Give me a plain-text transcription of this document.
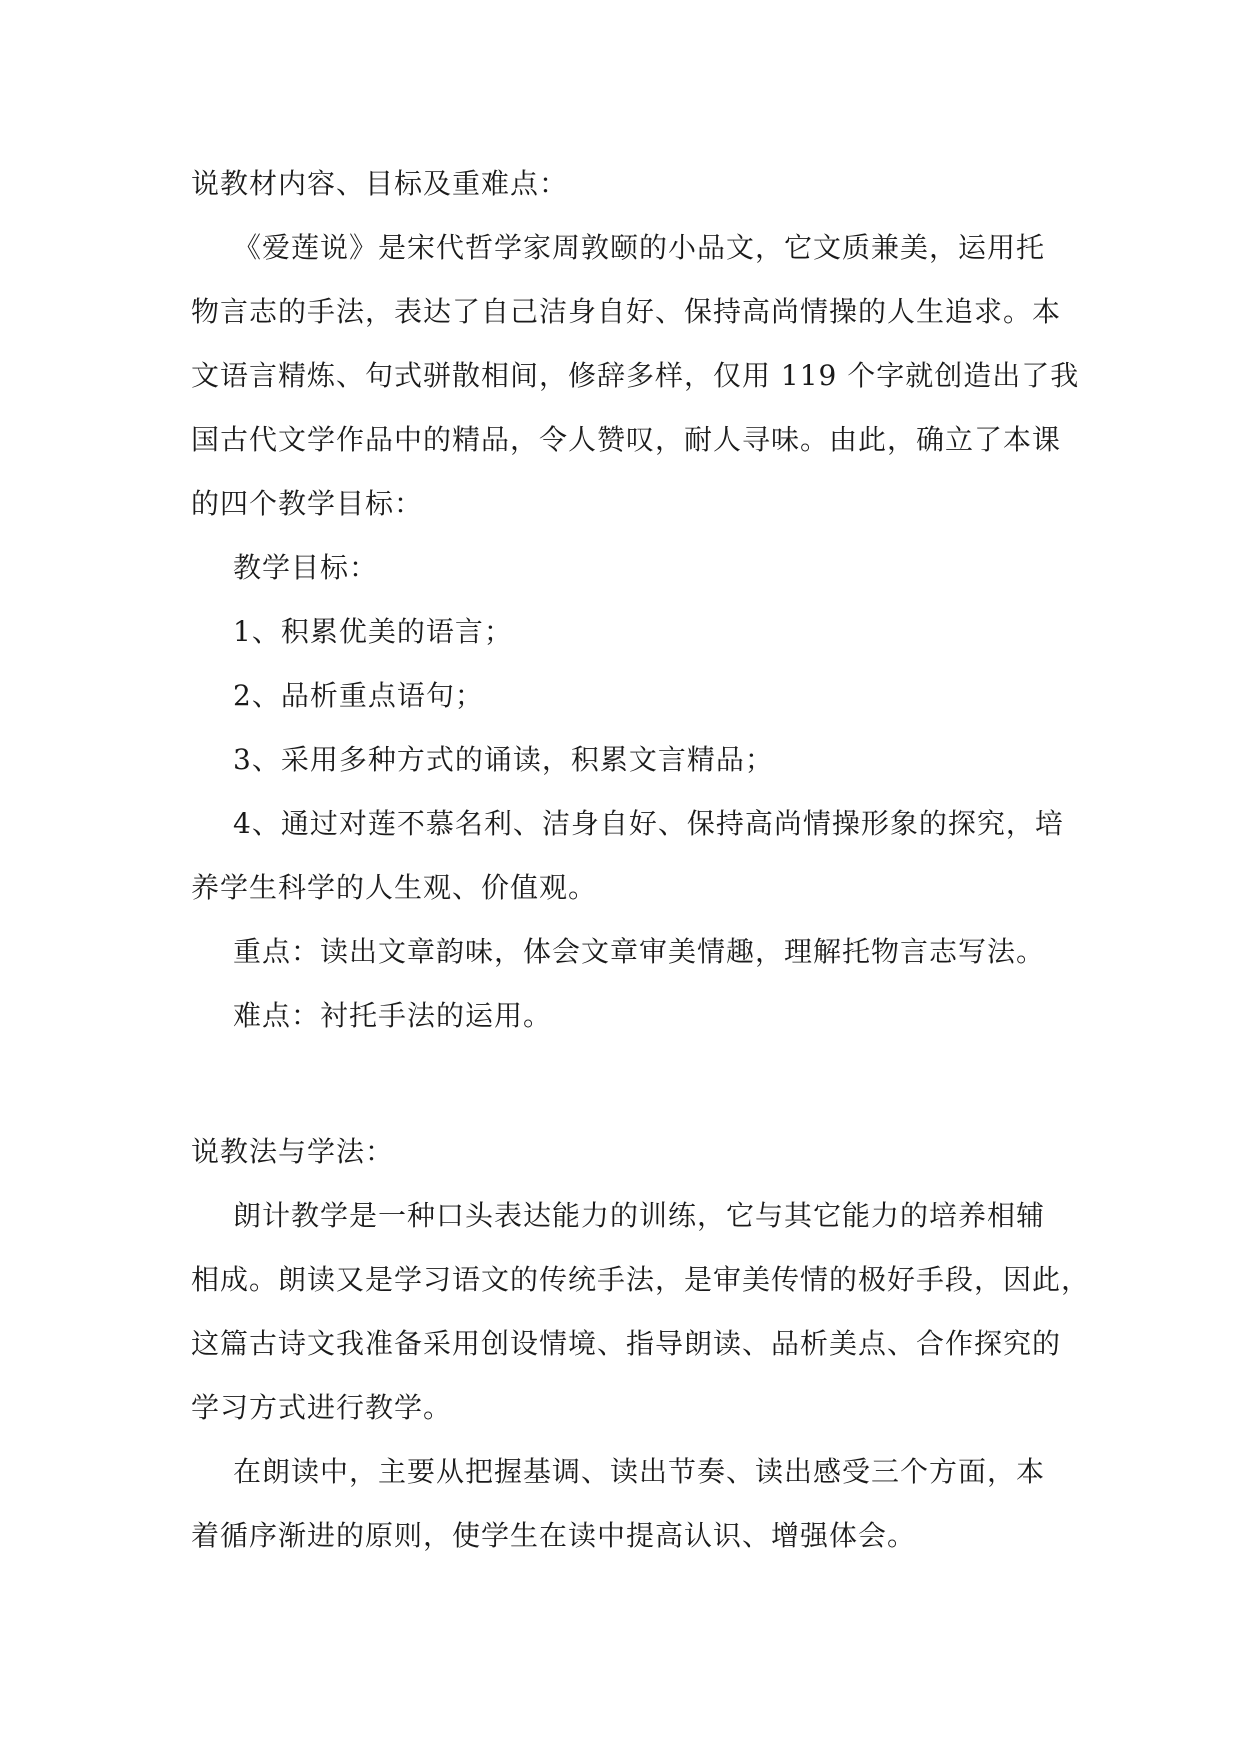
说教材内容、目标及重难点：
《爱莲说》是宋代哲学家周敦颐的小品文，它文质兼美，运用托
物言志的手法，表达了自己洁身自好、保持高尚情操的人生追求。本
文语言精炼、句式骈散相间，修辞多样，仅用 119 个字就创造出了我
国古代文学作品中的精品，令人赞叹，耐人寻味。由此，确立了本课
的四个教学目标：
教学目标：
1、积累优美的语言；
2、品析重点语句；
3、采用多种方式的诵读，积累文言精品；
4、通过对莲不慕名利、洁身自好、保持高尚情操形象的探究，培
养学生科学的人生观、价值观。
重点：读出文章韵味，体会文章审美情趣，理解托物言志写法。
难点：衬托手法的运用。
说教法与学法：
朗计教学是一种口头表达能力的训练，它与其它能力的培养相辅
相成。朗读又是学习语文的传统手法，是审美传情的极好手段，因此，
这篇古诗文我准备采用创设情境、指导朗读、品析美点、合作探究的
学习方式进行教学。
在朗读中，主要从把握基调、读出节奏、读出感受三个方面，本
着循序渐进的原则，使学生在读中提高认识、增强体会。
